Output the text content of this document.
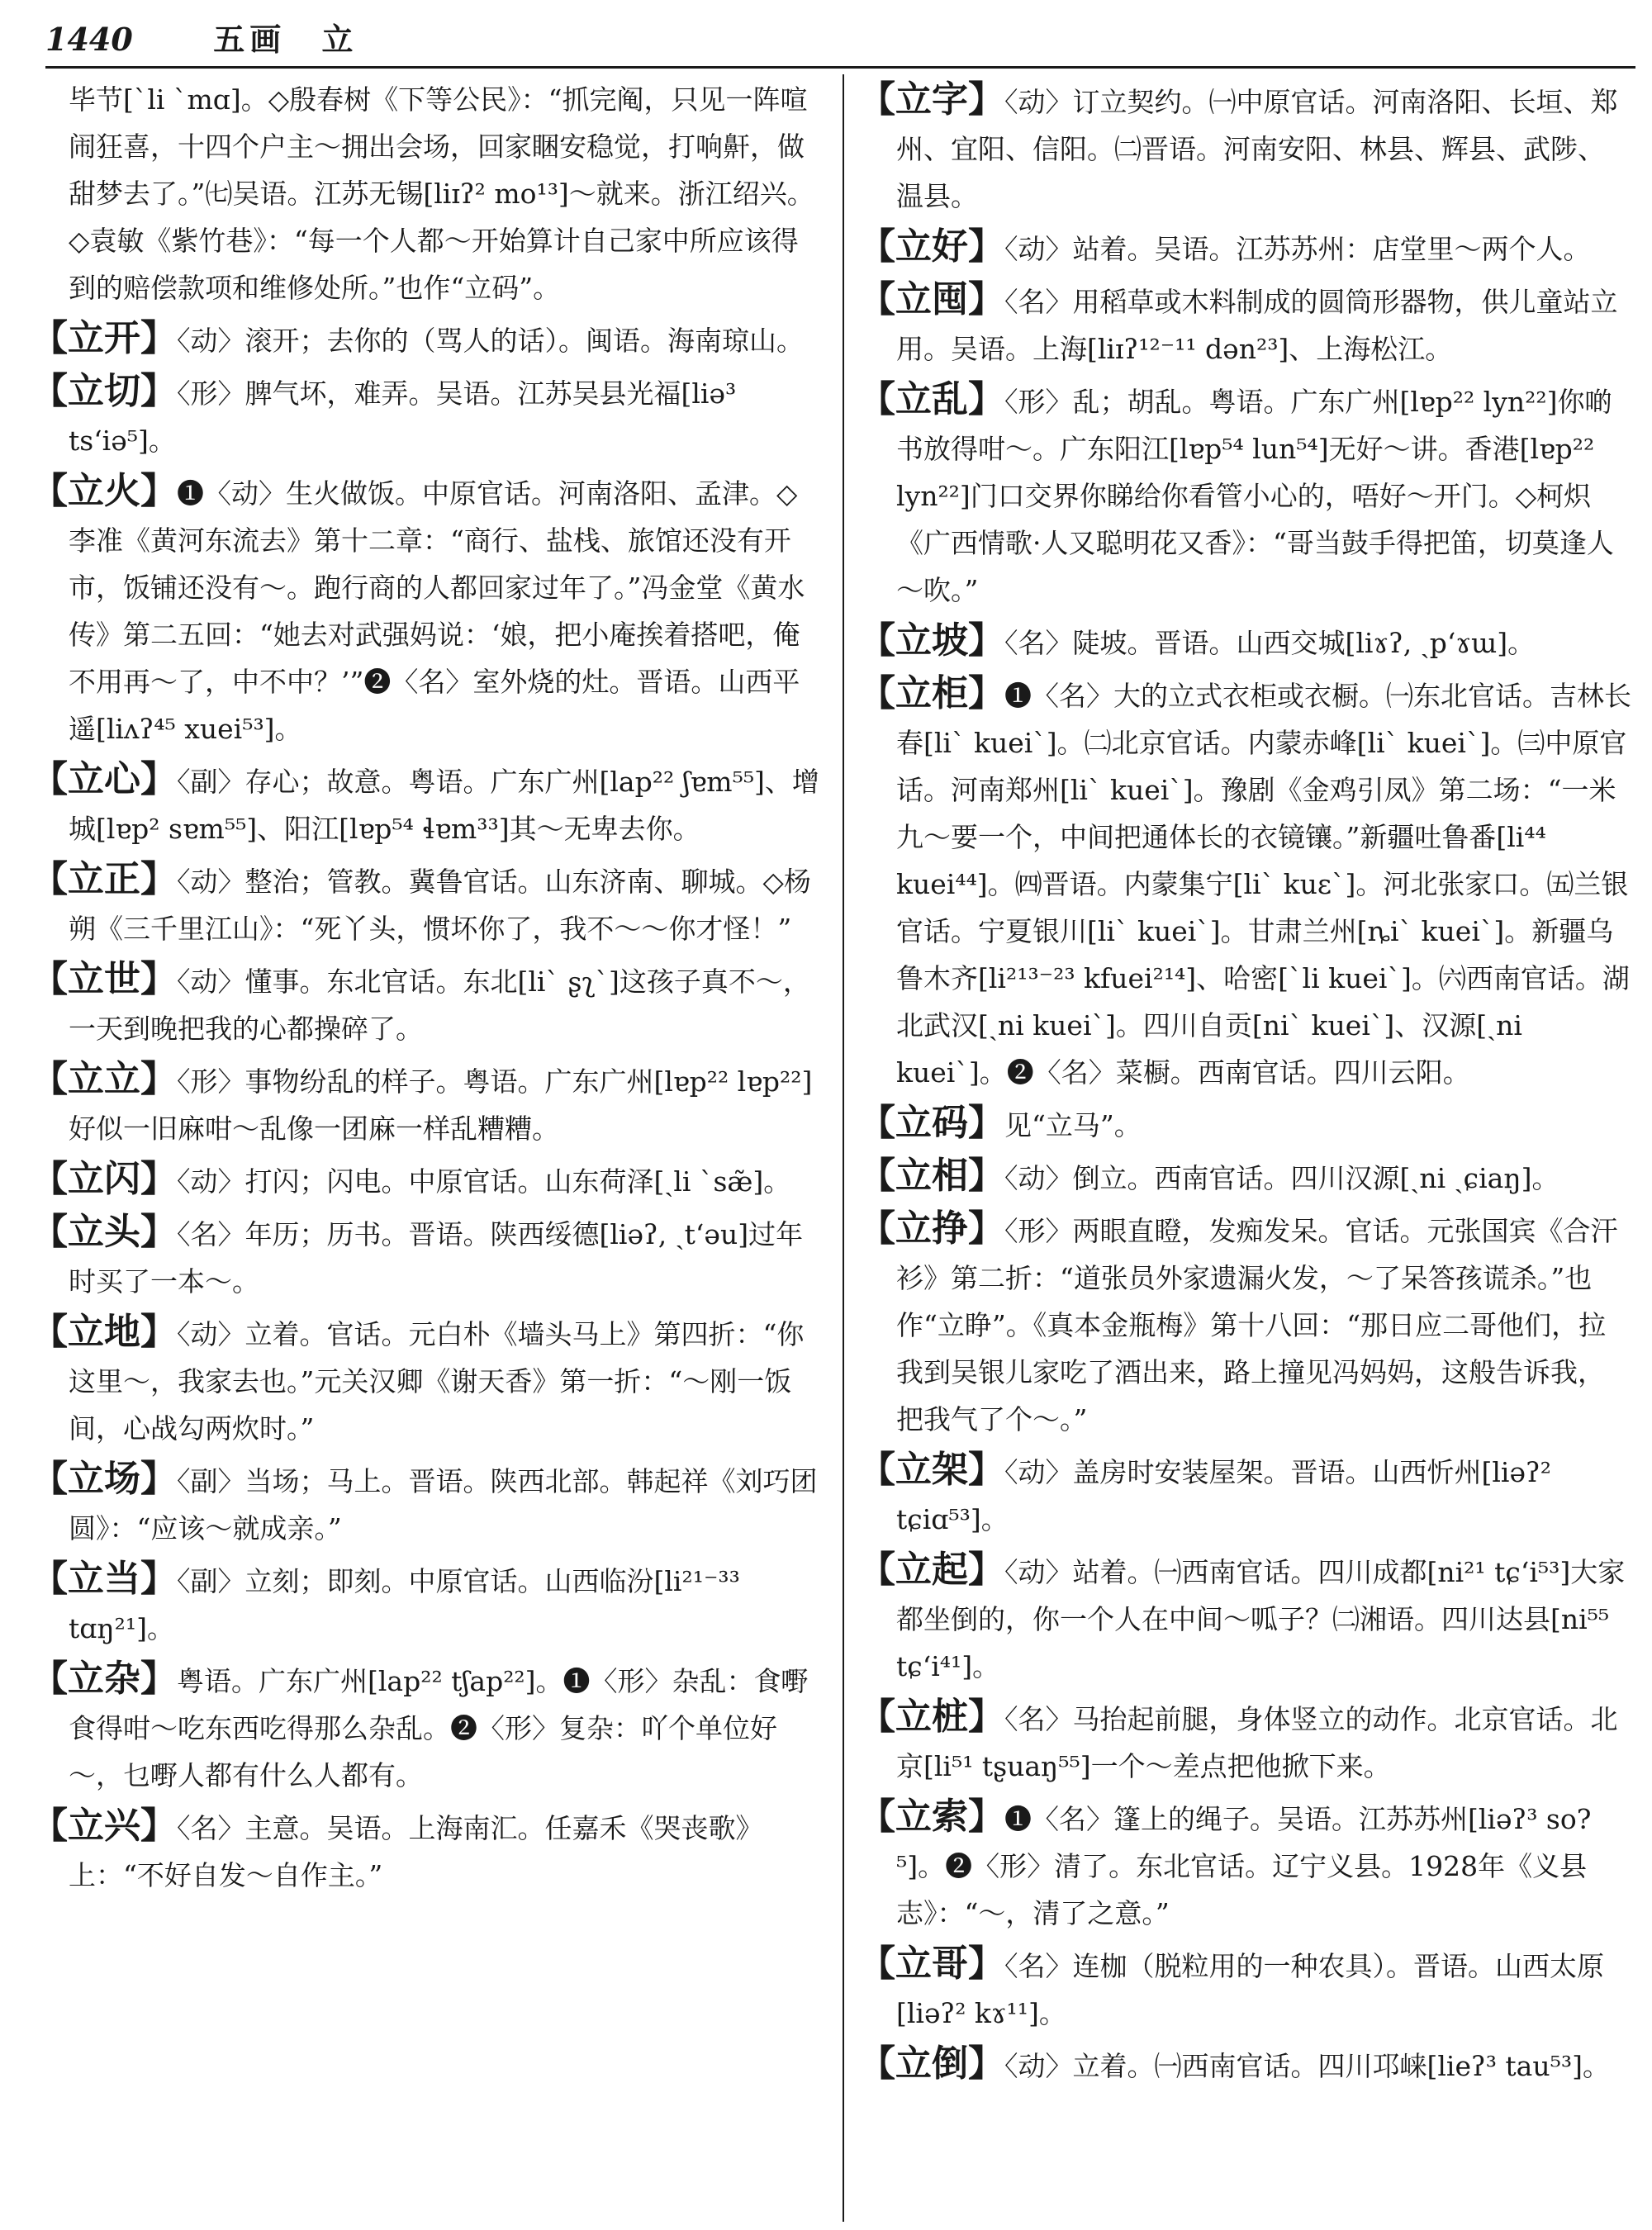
1440	五画 立

毕节[ˋli ˋmɑ]。◇殷春树《下等公民》：“抓完阄，只见一阵喧闹狂喜，十四个户主～拥出会场，回家睏安稳觉，打响鼾，做甜梦去了。”㈦吴语。江苏无锡[liɪʔ² mo¹³]～就来。浙江绍兴。◇袁敏《紫竹巷》：“每一个人都～开始算计自己家中所应该得到的赔偿款项和维修处所。”也作“立码”。

【立开】〈动〉滚开；去你的（骂人的话）。闽语。海南琼山。

【立切】〈形〉脾气坏，难弄。吴语。江苏吴县光福[liə³ tsʻiə⁵]。

【立火】❶〈动〉生火做饭。中原官话。河南洛阳、孟津。◇李准《黄河东流去》第十二章：“商行、盐栈、旅馆还没有开市，饭铺还没有～。跑行商的人都回家过年了。”冯金堂《黄水传》第二五回：“她去对武强妈说：‘娘，把小庵挨着搭吧，俺不用再～了，中不中？’”❷〈名〉室外烧的灶。晋语。山西平遥[liʌʔ⁴⁵ xuei⁵³]。

【立心】〈副〉存心；故意。粤语。广东广州[lap²² ʃɐm⁵⁵]、增城[lɐp² sɐm⁵⁵]、阳江[lɐp⁵⁴ ɬɐm³³]其～无卑去你。

【立正】〈动〉整治；管教。冀鲁官话。山东济南、聊城。◇杨朔《三千里江山》：“死丫头，惯坏你了，我不～～你才怪！”

【立世】〈动〉懂事。东北官话。东北[liˋ ʂʅˋ]这孩子真不～，一天到晚把我的心都操碎了。

【立立】〈形〉事物纷乱的样子。粤语。广东广州[lɐp²² lɐp²²]好似一旧麻咁～乱像一团麻一样乱糟糟。

【立闪】〈动〉打闪；闪电。中原官话。山东荷泽[ˏli ˋsæ̃]。

【立头】〈名〉年历；历书。晋语。陕西绥德[liəʔ, ˏtʻəu]过年时买了一本～。

【立地】〈动〉立着。官话。元白朴《墙头马上》第四折：“你这里～，我家去也。”元关汉卿《谢天香》第一折：“～刚一饭间，心战勾两炊时。”

【立场】〈副〉当场；马上。晋语。陕西北部。韩起祥《刘巧团圆》：“应该～就成亲。”

【立当】〈副〉立刻；即刻。中原官话。山西临汾[li²¹⁻³³ tɑŋ²¹]。

【立杂】粤语。广东广州[lap²² tʃap²²]。❶〈形〉杂乱：食嘢食得咁～吃东西吃得那么杂乱。❷〈形〉复杂：吖个单位好～，乜嘢人都有什么人都有。

【立兴】〈名〉主意。吴语。上海南汇。任嘉禾《哭丧歌》上：“不好自发～自作主。”

【立字】〈动〉订立契约。㈠中原官话。河南洛阳、长垣、郑州、宜阳、信阳。㈡晋语。河南安阳、林县、辉县、武陟、温县。

【立好】〈动〉站着。吴语。江苏苏州：店堂里～两个人。

【立囤】〈名〉用稻草或木料制成的圆筒形器物，供儿童站立用。吴语。上海[liɪʔ¹²⁻¹¹ dən²³]、上海松江。

【立乱】〈形〉乱；胡乱。粤语。广东广州[lɐp²² lyn²²]你啲书放得咁～。广东阳江[lɐp⁵⁴ lun⁵⁴]无好～讲。香港[lɐp²² lyn²²]门口交界你睇给你看管小心的，唔好～开门。◇柯炽《广西情歌·人又聪明花又香》：“哥当鼓手得把笛，切莫逢人～吹。”

【立坡】〈名〉陡坡。晋语。山西交城[liɤʔ, ˏpʻɤɯ]。

【立柜】❶〈名〉大的立式衣柜或衣橱。㈠东北官话。吉林长春[liˋ kueiˋ]。㈡北京官话。内蒙赤峰[liˋ kueiˋ]。㈢中原官话。河南郑州[liˋ kueiˋ]。豫剧《金鸡引凤》第二场：“一米九～要一个，中间把通体长的衣镜镶。”新疆吐鲁番[li⁴⁴ kuei⁴⁴]。㈣晋语。内蒙集宁[liˋ kuɛˋ]。河北张家口。㈤兰银官话。宁夏银川[liˋ kueiˋ]。甘肃兰州[ȵiˋ kueiˋ]。新疆乌鲁木齐[li²¹³⁻²³ kfuei²¹⁴]、哈密[ˋli kueiˋ]。㈥西南官话。湖北武汉[ˏni kueiˋ]。四川自贡[niˋ kueiˋ]、汉源[ˏni kueiˋ]。❷〈名〉菜橱。西南官话。四川云阳。

【立码】见“立马”。

【立相】〈动〉倒立。西南官话。四川汉源[ˏni ˏɕiaŋ]。

【立挣】〈形〉两眼直瞪，发痴发呆。官话。元张国宾《合汗衫》第二折：“道张员外家遗漏火发，～了呆答孩谎杀。”也作“立睁”。《真本金瓶梅》第十八回：“那日应二哥他们，拉我到吴银儿家吃了酒出来，路上撞见冯妈妈，这般告诉我，把我气了个～。”

【立架】〈动〉盖房时安装屋架。晋语。山西忻州[liəʔ² tɕiɑ⁵³]。

【立起】〈动〉站着。㈠西南官话。四川成都[ni²¹ tɕʻi⁵³]大家都坐倒的，你一个人在中间～呱子？㈡湘语。四川达县[ni⁵⁵ tɕʻi⁴¹]。

【立桩】〈名〉马抬起前腿，身体竖立的动作。北京官话。北京[li⁵¹ tʂuaŋ⁵⁵]一个～差点把他掀下来。

【立索】❶〈名〉篷上的绳子。吴语。江苏苏州[liəʔ³ so?⁵]。❷〈形〉清了。东北官话。辽宁义县。1928年《义县志》：“～，清了之意。”

【立哥】〈名〉连枷（脱粒用的一种农具）。晋语。山西太原[liəʔ² kɤ¹¹]。

【立倒】〈动〉立着。㈠西南官话。四川邛崃[lieʔ³ tau⁵³]。
